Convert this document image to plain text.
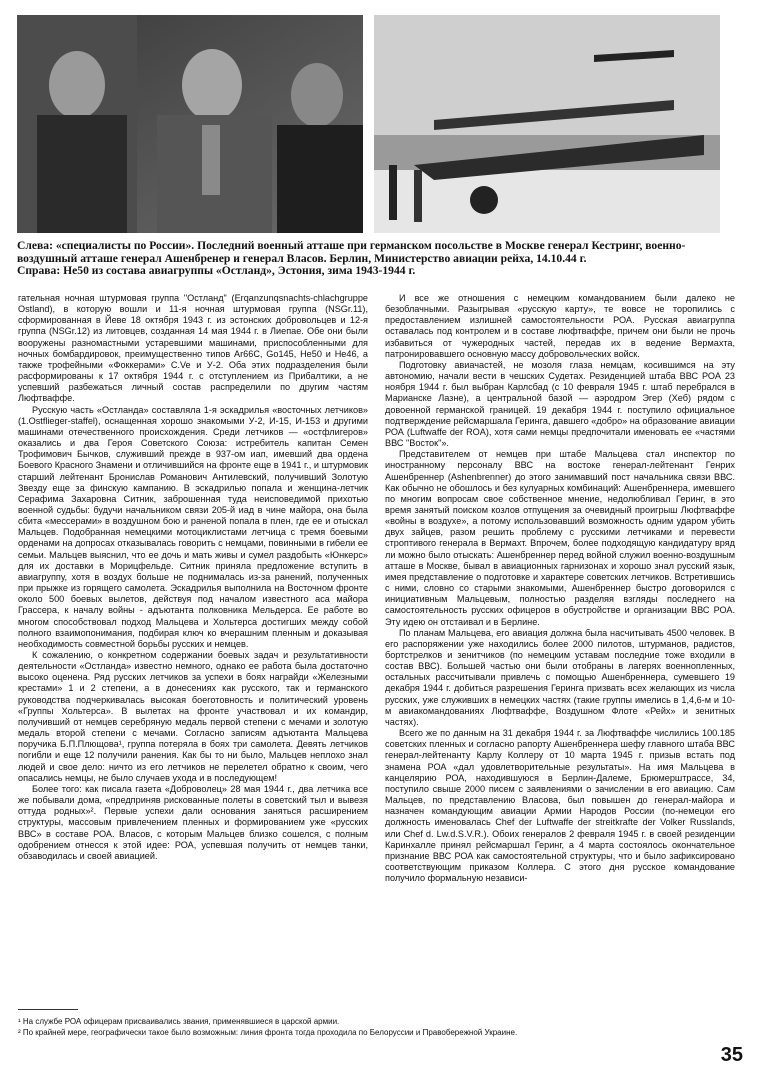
Слева: «специалисты по России». Последний военный атташе при германском посольстве в Москве генерал Кестринг, военно-воздушный атташе генерал Ашенбренер и генерал Власов. Берлин, Министерство авиации рейха, 14.10.44 г.

Справа: Не50 из состава авиагруппы «Остланд», Эстония, зима 1943-1944 г.

гательная ночная штурмовая группа "Остланд" (Erqanzunqsnachts-chlachgruppe Ostland), в которую вошли и 11-я ночная штурмовая группа (NSGr.11), сформированная в Йеве 18 октября 1943 г. из эстонских добровольцев и 12-я группа (NSGr.12) из литовцев, созданная 14 мая 1944 г. в Лиепае. Обе они были вооружены разномастными устаревшими машинами, приспособленными для ночных бомбардировок, преимущественно типов Ar66C, Go145, He50 и He46, а также трофейными «Фоккерами» C.Ve и У-2. Оба этих подразделения были расформированы к 17 октября 1944 г. с отступлением из Прибалтики, а не успевший разбежаться личный состав распределили по другим частям Люфтваффе.

Русскую часть «Остланда» составляла 1-я эскадрилья «восточных летчиков» (1.Ostflieger-staffel), оснащенная хорошо знакомыми У-2, И-15, И-153 и другими машинами отечественного происхождения. Среди летчиков — «остфлигеров» оказались и два Героя Советского Союза: истребитель капитан Семен Трофимович Бычков, служивший прежде в 937-ом иап, имевший два ордена Боевого Красного Знамени и отличившийся на фронте еще в 1941 г., и штурмовик старший лейтенант Бронислав Романович Антилевский, получивший Золотую Звезду еще за финскую кампанию. В эскадрилью попала и женщина-летчик Серафима Захаровна Ситник, заброшенная туда неисповедимой прихотью военной судьбы: будучи начальником связи 205-й иад в чине майора, она была сбита «мессерами» в воздушном бою и раненой попала в плен, где ее и отыскал Мальцев. Подобранная немецкими мотоциклистами летчица с тремя боевыми орденами на допросах отказывалась говорить с немцами, повинными в гибели ее семьи. Мальцев выяснил, что ее дочь и мать живы и сумел раздобыть «Юнкерс» для их доставки в Морицфельде. Ситник приняла предложение вступить в авиагруппу, хотя в воздух больше не поднималась из-за ранений, полученных при прыжке из горящего самолета. Эскадрилья выполнила на Восточном фронте около 500 боевых вылетов, действуя под началом известного аса майора Грассера, к началу войны - адъютанта полковника Мельдерса. Ее работе во многом способствовал подход Мальцева и Хольтерса достигших между собой полного взаимопонимания, подбирая ключ ко вчерашним пленным и доказывая необходимость совместной борьбы русских и немцев.

К сожалению, о конкретном содержании боевых задач и результативности деятельности «Остланда» известно немного, однако ее работа была достаточно высоко оценена. Ряд русских летчиков за успехи в боях награйди «Железными крестами» 1 и 2 степени, а в донесениях как русского, так и германского руководства подчеркивалась высокая боеготовность и политический уровень «Группы Хольтерса». В вылетах на фронте участвовал и их командир, получивший от немцев серебряную медаль первой степени с мечами и золотую медаль второй степени с мечами. Согласно записям адъютанта Мальцева поручика Б.П.Плющова¹, группа потеряла в боях три самолета. Девять летчиков погибли и еще 12 получили ранения. Как бы то ни было, Мальцев неплохо знал людей и свое дело: ничто из его летчиков не перелетел обратно к своим, чего опасались немцы, не было случаев ухода и в последующем!

Более того: как писала газета «Доброволец» 28 мая 1944 г., два летчика все же побывали дома, «предприняв рискованные полеты в советский тыл и вывезя оттуда родных»². Первые успехи дали основания заняться расширением структуры, массовым привлечением пленных и формированием уже «русских ВВС» в составе РОА. Власов, с которым Мальцев близко сошелся, с полным одобрением отнесся к этой идее: РОА, успевшая получить от немцев танки, обзаводилась и своей авиацией.

И все же отношения с немецким командованием были далеко не безоблачными. Разыгрывая «русскую карту», те вовсе не торопились с предоставлением излишней самостоятельности РОА. Русская авиагруппа оставалась под контролем и в составе люфтваффе, причем они были не прочь избавиться от чужеродных частей, передав их в ведение Вермахта, патронировавшего основную массу добровольческих войск.

Подготовку авиачастей, не мозоля глаза немцам, косившимся на эту автономию, начали вести в чешских Судетах. Резиденцией штаба ВВС РОА 23 ноября 1944 г. был выбран Карлсбад (с 10 февраля 1945 г. штаб перебрался в Марианске Лазне), а центральной базой — аэродром Эгер (Хеб) рядом с довоенной германской границей. 19 декабря 1944 г. поступило официальное подтверждение рейсмаршала Геринга, давшего «добро» на образование авиации РОА (Luftwaffe der ROA), хотя сами немцы предпочитали именовать ее «частями ВВС "Восток"».

Представителем от немцев при штабе Мальцева стал инспектор по иностранному персоналу ВВС на востоке генерал-лейтенант Генрих Ашенбреннер (Ashenbrenner) до этого занимавший пост начальника связи ВВС. Как обычно не обошлось и без кулуарных комбинаций: Ашенбреннера, имевшего по многим вопросам свое собственное мнение, недолюбливал Геринг, в это время занятый поиском козлов отпущения за очевидный проигрыш Люфтваффе «войны в воздухе», а потому использовавший возможность одним ударом убить двух зайцев, разом решить проблему с русскими летчиками и перевести строптивого генерала в Вермахт. Впрочем, более подходящую кандидатуру вряд ли можно было отыскать: Ашенбреннер перед войной служил военно-воздушным атташе в Москве, бывал в авиационных гарнизонах и хорошо знал русский язык, имея представление о подготовке и характере советских летчиков. Встретившись с ними, словно со старыми знакомыми, Ашенбреннер быстро договорился с инициативным Мальцевым, полностью разделяя взгляды последнего на самостоятельность русских офицеров в обустройстве и организации ВВС РОА. Эту идею он отстаивал и в Берлине.

По планам Мальцева, его авиация должна была насчитывать 4500 человек. В его распоряжении уже находились более 2000 пилотов, штурманов, радистов, бортстрелков и зенитчиков (по немецким уставам последние тоже входили в состав ВВС). Большей частью они были отобраны в лагерях военнопленных, остальных рассчитывали привлечь с помощью Ашенбреннера, сумевшего 19 декабря 1944 г. добиться разрешения Геринга призвать всех желающих из числа русских, уже служивших в немецких частях (такие группы имелись в 1,4,6-м и 10-м авиакомандованиях Люфтваффе, Воздушном Флоте «Рейх» и зенитных частях).

Всего же по данным на 31 декабря 1944 г. за Люфтваффе числились 100.185 советских пленных и согласно рапорту Ашенбреннера шефу главного штаба ВВС генерал-лейтенанту Карлу Коллеру от 10 марта 1945 г. призыв встать под знамена РОА «дал удовлетворительные результаты». На имя Мальцева в канцелярию РОА, находившуюся в Берлин-Далеме, Брюмерштрассе, 34, поступило свыше 2000 писем с заявлениями о зачислении в его авиацию. Сам Мальцев, по представлению Власова, был повышен до генерал-майора и назначен командующим авиации Армии Народов России (по-немецки его должность именовалась Chef der Luftwaffe der streitkrafte der Volker Russlands, или Chef d. Lw.d.S.V.R.). Обоих генералов 2 февраля 1945 г. в своей резиденции Каринхалле принял рейсмаршал Геринг, а 4 марта состоялось окончательное признание ВВС РОА как самостоятельной структуры, что и было зафиксировано соответствующим приказом Коллера. С этого дня русское командование получило формальную независи-

¹ На службе РОА офицерам присваивались звания, применявшиеся в царской армии.

² По крайней мере, географически такое было возможным: линия фронта тогда проходила по Белоруссии и Правобережной Украине.

35
